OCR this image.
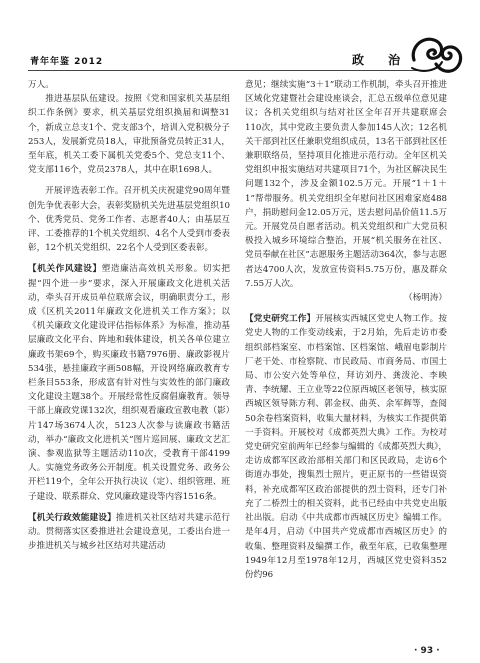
青年年鉴 2012	政 治

万人。

推进基层队伍建设。按照《党和国家机关基层组织工作条例》要求，机关基层党组织换届和调整31个，新成立总支1个、党支部3个，培训入党积极分子253人，发展新党员18人，审批预备党员转正31人，至年底，机关工委下属机关党委5个、党总支11个、党支部116个，党员2378人，其中在职1698人。

开展评选表彰工作。召开机关庆祝建党90周年暨创先争优表彰大会，表彰奖励机关先进基层党组织10个、优秀党员、党务工作者、志愿者40人；由基层互评、工委推荐的1个机关党组织、4名个人受到市委表彰，12个机关党组织、22名个人受到区委表彰。

【机关作风建设】塑造廉洁高效机关形象。切实把握“四个进一步”要求，深入开展廉政文化进机关活动，牵头召开成员单位联席会议，明确职责分工，形成《区机关2011年廉政文化进机关工作方案》；以《机关廉政文化建设评估指标体系》为标准，推动基层廉政文化平台、阵地和载体建设，机关各单位建立廉政书架69个，购买廉政书籍7976册、廉政影视片534张，悬挂廉政字画508幅，开设网络廉政教育专栏条目553条，形成富有针对性与实效性的部门廉政文化建设主题38个。开展经常性反腐倡廉教育。领导干部上廉政党课132次，组织观看廉政宣教电教（影）片147场3674人次，5123人次参与读廉政书籍活动，举办“廉政文化进机关”图片巡回展、廉政文艺汇演、参观监狱等主题活动110次，受教育干部4199人。实施党务政务公开制度。机关设置党务、政务公开栏119个，全年公开执行决议（定）、组织管理、班子建设、联系群众、党风廉政建设等内容1516条。

【机关行政效能建设】推进机关社区结对共建示范行动。贯彻落实区委推进社会建设意见，工委出台进一步推进机关与城乡社区结对共建活动

意见；继续实施“3＋1”联动工作机制，牵头召开推进区域化党建暨社会建设座谈会，汇总五级单位意见建议；各机关党组织与结对社区全年召开共建联席会110次，其中党政主要负责人参加145人次；12名机关干部到社区任兼职党组织成员，13名干部到社区任兼职联络员，坚持项目化推进示范行动。全年区机关党组织申报实施结对共建项目71个，为社区解决民生问题132个，涉及金额102.5万元。开展“1＋1＋1”帮带服务。机关党组织全年慰问社区困难家庭488户，捐助慰问金12.05万元，送去慰问品价值11.5万元。开展党员自愿者活动。机关党组织和广大党员积极投入城乡环境综合整治，开展“机关服务在社区、党员奉献在社区”志愿服务主题活动364次，参与志愿者达4700人次，发放宣传资料5.75万份，惠及群众7.55万人次。

（杨明涛）

【党史研究工作】开展核实西城区党史人物工作。按党史人物的工作变动线索，于2月始，先后走访市委组织部档案室、市档案馆、区档案馆、峨眉电影制片厂老干处、市检察院、市民政局、市商务局、市国土局、市公安六处等单位，拜访刘丹、龚泼沦、李映青、李统耀、王立业等22位原西城区老领导，核实原西城区领导陈方利、郭金权、曲英、余军辉等，查阅50余卷档案资料，收集大量材料，为核实工作提供第一手资料。开展校对《成都英烈大典》工作。为校对党史研究室前两年已经参与编辑的《成都英烈大典》，走访成都军区政治部相关部门和区民政局，走访6个街道办事处，搜集烈士照片，更正原书的一些错误资料，补充成都军区政治部提供的烈士资料，还专门补充了二桥烈士的相关资料，此书已经由中共党史出版社出版。启动《中共成都市西城区历史》编辑工作。是年4月，启动《中国共产党成都市西城区历史》的收集、整理资料及编撰工作，截至年底，已收集整理1949年12月至1978年12月，西城区党史资料352份约96

· 93 ·
